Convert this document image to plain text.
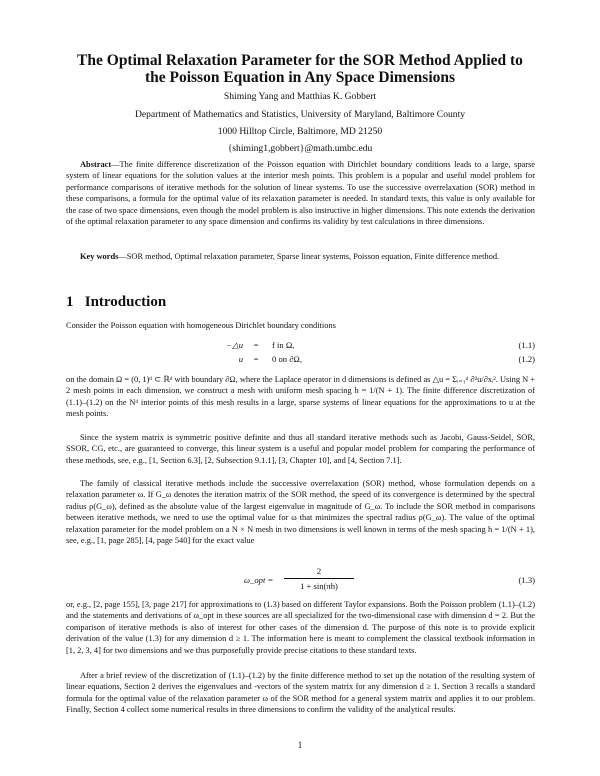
The Optimal Relaxation Parameter for the SOR Method Applied to
the Poisson Equation in Any Space Dimensions
Shiming Yang and Matthias K. Gobbert
Department of Mathematics and Statistics, University of Maryland, Baltimore County
1000 Hilltop Circle, Baltimore, MD 21250
{shiming1,gobbert}@math.umbc.edu
Abstract—The finite difference discretization of the Poisson equation with Dirichlet boundary conditions leads to a large, sparse system of linear equations for the solution values at the interior mesh points. This problem is a popular and useful model problem for performance comparisons of iterative methods for the solution of linear systems. To use the successive overrelaxation (SOR) method in these comparisons, a formula for the optimal value of its relaxation parameter is needed. In standard texts, this value is only available for the case of two space dimensions, even though the model problem is also instructive in higher dimensions. This note extends the derivation of the optimal relaxation parameter to any space dimension and confirms its validity by test calculations in three dimensions.
Key words—SOR method, Optimal relaxation parameter, Sparse linear systems, Poisson equation, Finite difference method.
1 Introduction
Consider the Poisson equation with homogeneous Dirichlet boundary conditions
−△u	=	f in Ω,	(1.1)
u	=	0 on ∂Ω,	(1.2)
on the domain Ω = (0, 1)ᵈ ⊂ ℝᵈ with boundary ∂Ω, where the Laplace operator in d dimensions is defined as △u = Σᵢ₌₁ᵈ ∂²u/∂xᵢ². Using N + 2 mesh points in each dimension, we construct a mesh with uniform mesh spacing h = 1/(N + 1). The finite difference discretization of (1.1)–(1.2) on the Nᵈ interior points of this mesh results in a large, sparse systems of linear equations for the approximations to u at the mesh points.
Since the system matrix is symmetric positive definite and thus all standard iterative methods such as Jacobi, Gauss-Seidel, SOR, SSOR, CG, etc., are guaranteed to converge, this linear system is a useful and popular model problem for comparing the performance of these methods, see, e.g., [1, Section 6.3], [2, Subsection 9.1.1], [3, Chapter 10], and [4, Section 7.1].
The family of classical iterative methods include the successive overrelaxation (SOR) method, whose formulation depends on a relaxation parameter ω. If G_ω denotes the iteration matrix of the SOR method, the speed of its convergence is determined by the spectral radius ρ(G_ω), defined as the absolute value of the largest eigenvalue in magnitude of G_ω. To include the SOR method in comparisons between iterative methods, we need to use the optimal value for ω that minimizes the spectral radius ρ(G_ω). The value of the optimal relaxation parameter for the model problem on a N × N mesh in two dimensions is well known in terms of the mesh spacing h = 1/(N + 1), see, e.g., [1, page 285], [4, page 540] for the exact value
ω_opt =
2
1 + sin(πh)
(1.3)
or, e.g., [2, page 155], [3, page 217] for approximations to (1.3) based on different Taylor expansions. Both the Poisson problem (1.1)–(1.2) and the statements and derivations of ω_opt in these sources are all specialized for the two-dimensional case with dimension d = 2. But the comparison of iterative methods is also of interest for other cases of the dimension d. The purpose of this note is to provide explicit derivation of the value (1.3) for any dimension d ≥ 1. The information here is meant to complement the classical textbook information in [1, 2, 3, 4] for two dimensions and we thus purposefully provide precise citations to these standard texts.
After a brief review of the discretization of (1.1)–(1.2) by the finite difference method to set up the notation of the resulting system of linear equations, Section 2 derives the eigenvalues and -vectors of the system matrix for any dimension d ≥ 1. Section 3 recalls a standard formula for the optimal value of the relaxation parameter ω of the SOR method for a general system matrix and applies it to our problem. Finally, Section 4 collect some numerical results in three dimensions to confirm the validity of the analytical results.
1
